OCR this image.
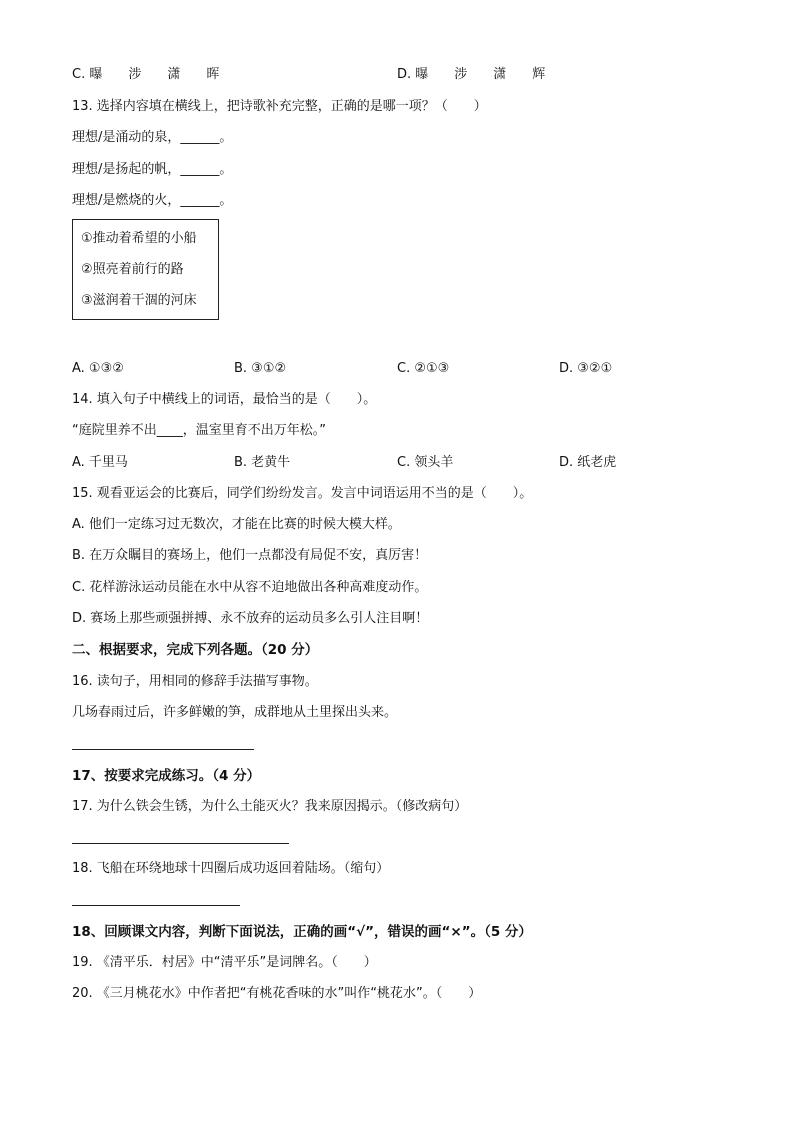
C. 曝　　涉　　潇　　晖	D. 曝　　涉　　潇　　辉
13. 选择内容填在横线上，把诗歌补充完整，正确的是哪一项？（　　）
理想/是涌动的泉，______。
理想/是扬起的帆，______。
理想/是燃烧的火，______。
①推动着希望的小船
②照亮着前行的路
③滋润着干涸的河床
A. ①③②	B. ③①②	C. ②①③	D. ③②①
14. 填入句子中横线上的词语，最恰当的是（　　）。
“庭院里养不出____，温室里育不出万年松。”
A. 千里马	B. 老黄牛	C. 领头羊	D. 纸老虎
15. 观看亚运会的比赛后，同学们纷纷发言。发言中词语运用不当的是（　　）。
A. 他们一定练习过无数次，才能在比赛的时候大模大样。
B. 在万众瞩目的赛场上，他们一点都没有局促不安，真厉害！
C. 花样游泳运动员能在水中从容不迫地做出各种高难度动作。
D. 赛场上那些顽强拼搏、永不放弃的运动员多么引人注目啊！
二、根据要求，完成下列各题。（20 分）
16. 读句子，用相同的修辞手法描写事物。
几场春雨过后，许多鲜嫩的笋，成群地从土里探出头来。
17、按要求完成练习。（4 分）
17. 为什么铁会生锈，为什么土能灭火？我来原因揭示。（修改病句）
18. 飞船在环绕地球十四圈后成功返回着陆场。（缩句）
18、回顾课文内容，判断下面说法，正确的画“√”，错误的画“×”。（5 分）
19. 《清平乐．村居》中“清平乐”是词牌名。（　　）
20. 《三月桃花水》中作者把“有桃花香味的水”叫作“桃花水”。（　　）
